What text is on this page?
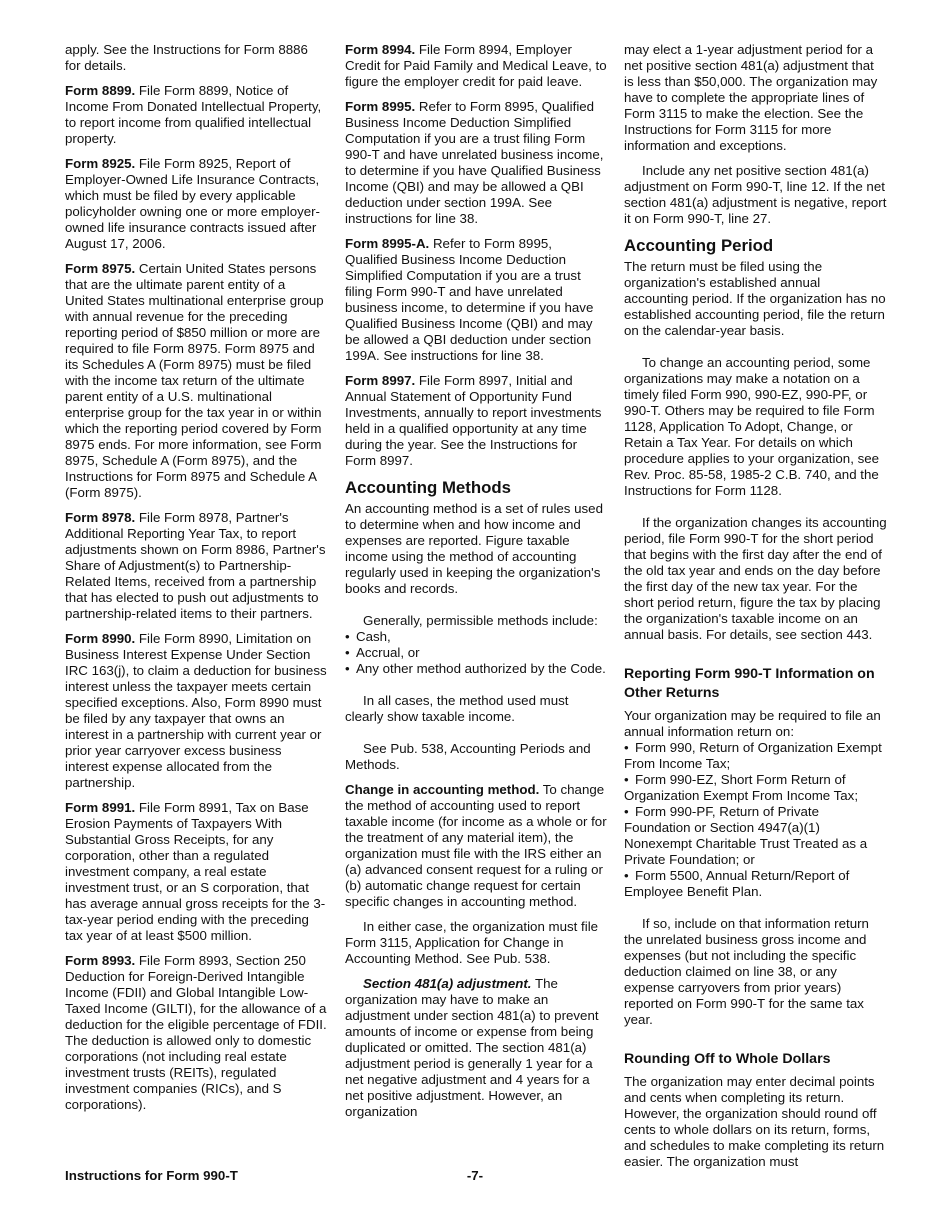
apply. See the Instructions for Form 8886 for details.

Form 8899. File Form 8899, Notice of Income From Donated Intellectual Property, to report income from qualified intellectual property.

Form 8925. File Form 8925, Report of Employer-Owned Life Insurance Contracts, which must be filed by every applicable policyholder owning one or more employer-owned life insurance contracts issued after August 17, 2006.

Form 8975. Certain United States persons that are the ultimate parent entity of a United States multinational enterprise group with annual revenue for the preceding reporting period of $850 million or more are required to file Form 8975. Form 8975 and its Schedules A (Form 8975) must be filed with the income tax return of the ultimate parent entity of a U.S. multinational enterprise group for the tax year in or within which the reporting period covered by Form 8975 ends. For more information, see Form 8975, Schedule A (Form 8975), and the Instructions for Form 8975 and Schedule A (Form 8975).

Form 8978. File Form 8978, Partner's Additional Reporting Year Tax, to report adjustments shown on Form 8986, Partner's Share of Adjustment(s) to Partnership-Related Items, received from a partnership that has elected to push out adjustments to partnership-related items to their partners.

Form 8990. File Form 8990, Limitation on Business Interest Expense Under Section IRC 163(j), to claim a deduction for business interest unless the taxpayer meets certain specified exceptions. Also, Form 8990 must be filed by any taxpayer that owns an interest in a partnership with current year or prior year carryover excess business interest expense allocated from the partnership.

Form 8991. File Form 8991, Tax on Base Erosion Payments of Taxpayers With Substantial Gross Receipts, for any corporation, other than a regulated investment company, a real estate investment trust, or an S corporation, that has average annual gross receipts for the 3-tax-year period ending with the preceding tax year of at least $500 million.

Form 8993. File Form 8993, Section 250 Deduction for Foreign-Derived Intangible Income (FDII) and Global Intangible Low-Taxed Income (GILTI), for the allowance of a deduction for the eligible percentage of FDII. The deduction is allowed only to domestic corporations (not including real estate investment trusts (REITs), regulated investment companies (RICs), and S corporations).

Form 8994. File Form 8994, Employer Credit for Paid Family and Medical Leave, to figure the employer credit for paid leave.

Form 8995. Refer to Form 8995, Qualified Business Income Deduction Simplified Computation if you are a trust filing Form 990-T and have unrelated business income, to determine if you have Qualified Business Income (QBI) and may be allowed a QBI deduction under section 199A. See instructions for line 38.

Form 8995-A. Refer to Form 8995, Qualified Business Income Deduction Simplified Computation if you are a trust filing Form 990-T and have unrelated business income, to determine if you have Qualified Business Income (QBI) and may be allowed a QBI deduction under section 199A. See instructions for line 38.

Form 8997. File Form 8997, Initial and Annual Statement of Opportunity Fund Investments, annually to report investments held in a qualified opportunity at any time during the year. See the Instructions for Form 8997.

Accounting Methods

An accounting method is a set of rules used to determine when and how income and expenses are reported. Figure taxable income using the method of accounting regularly used in keeping the organization's books and records.

Generally, permissible methods include:

• Cash,
• Accrual, or
• Any other method authorized by the Code.

In all cases, the method used must clearly show taxable income.

See Pub. 538, Accounting Periods and Methods.

Change in accounting method. To change the method of accounting used to report taxable income (for income as a whole or for the treatment of any material item), the organization must file with the IRS either an (a) advanced consent request for a ruling or (b) automatic change request for certain specific changes in accounting method.

In either case, the organization must file Form 3115, Application for Change in Accounting Method. See Pub. 538.

Section 481(a) adjustment. The organization may have to make an adjustment under section 481(a) to prevent amounts of income or expense from being duplicated or omitted. The section 481(a) adjustment period is generally 1 year for a net negative adjustment and 4 years for a net positive adjustment. However, an organization

may elect a 1-year adjustment period for a net positive section 481(a) adjustment that is less than $50,000. The organization may have to complete the appropriate lines of Form 3115 to make the election. See the Instructions for Form 3115 for more information and exceptions.

Include any net positive section 481(a) adjustment on Form 990-T, line 12. If the net section 481(a) adjustment is negative, report it on Form 990-T, line 27.

Accounting Period

The return must be filed using the organization's established annual accounting period. If the organization has no established accounting period, file the return on the calendar-year basis.

To change an accounting period, some organizations may make a notation on a timely filed Form 990, 990-EZ, 990-PF, or 990-T. Others may be required to file Form 1128, Application To Adopt, Change, or Retain a Tax Year. For details on which procedure applies to your organization, see Rev. Proc. 85-58, 1985-2 C.B. 740, and the Instructions for Form 1128.

If the organization changes its accounting period, file Form 990-T for the short period that begins with the first day after the end of the old tax year and ends on the day before the first day of the new tax year. For the short period return, figure the tax by placing the organization's taxable income on an annual basis. For details, see section 443.

Reporting Form 990-T Information on Other Returns

Your organization may be required to file an annual information return on:

• Form 990, Return of Organization Exempt From Income Tax;
• Form 990-EZ, Short Form Return of Organization Exempt From Income Tax;
• Form 990-PF, Return of Private Foundation or Section 4947(a)(1) Nonexempt Charitable Trust Treated as a Private Foundation; or
• Form 5500, Annual Return/Report of Employee Benefit Plan.

If so, include on that information return the unrelated business gross income and expenses (but not including the specific deduction claimed on line 38, or any expense carryovers from prior years) reported on Form 990-T for the same tax year.

Rounding Off to Whole Dollars

The organization may enter decimal points and cents when completing its return. However, the organization should round off cents to whole dollars on its return, forms, and schedules to make completing its return easier. The organization must

Instructions for Form 990-T	-7-
